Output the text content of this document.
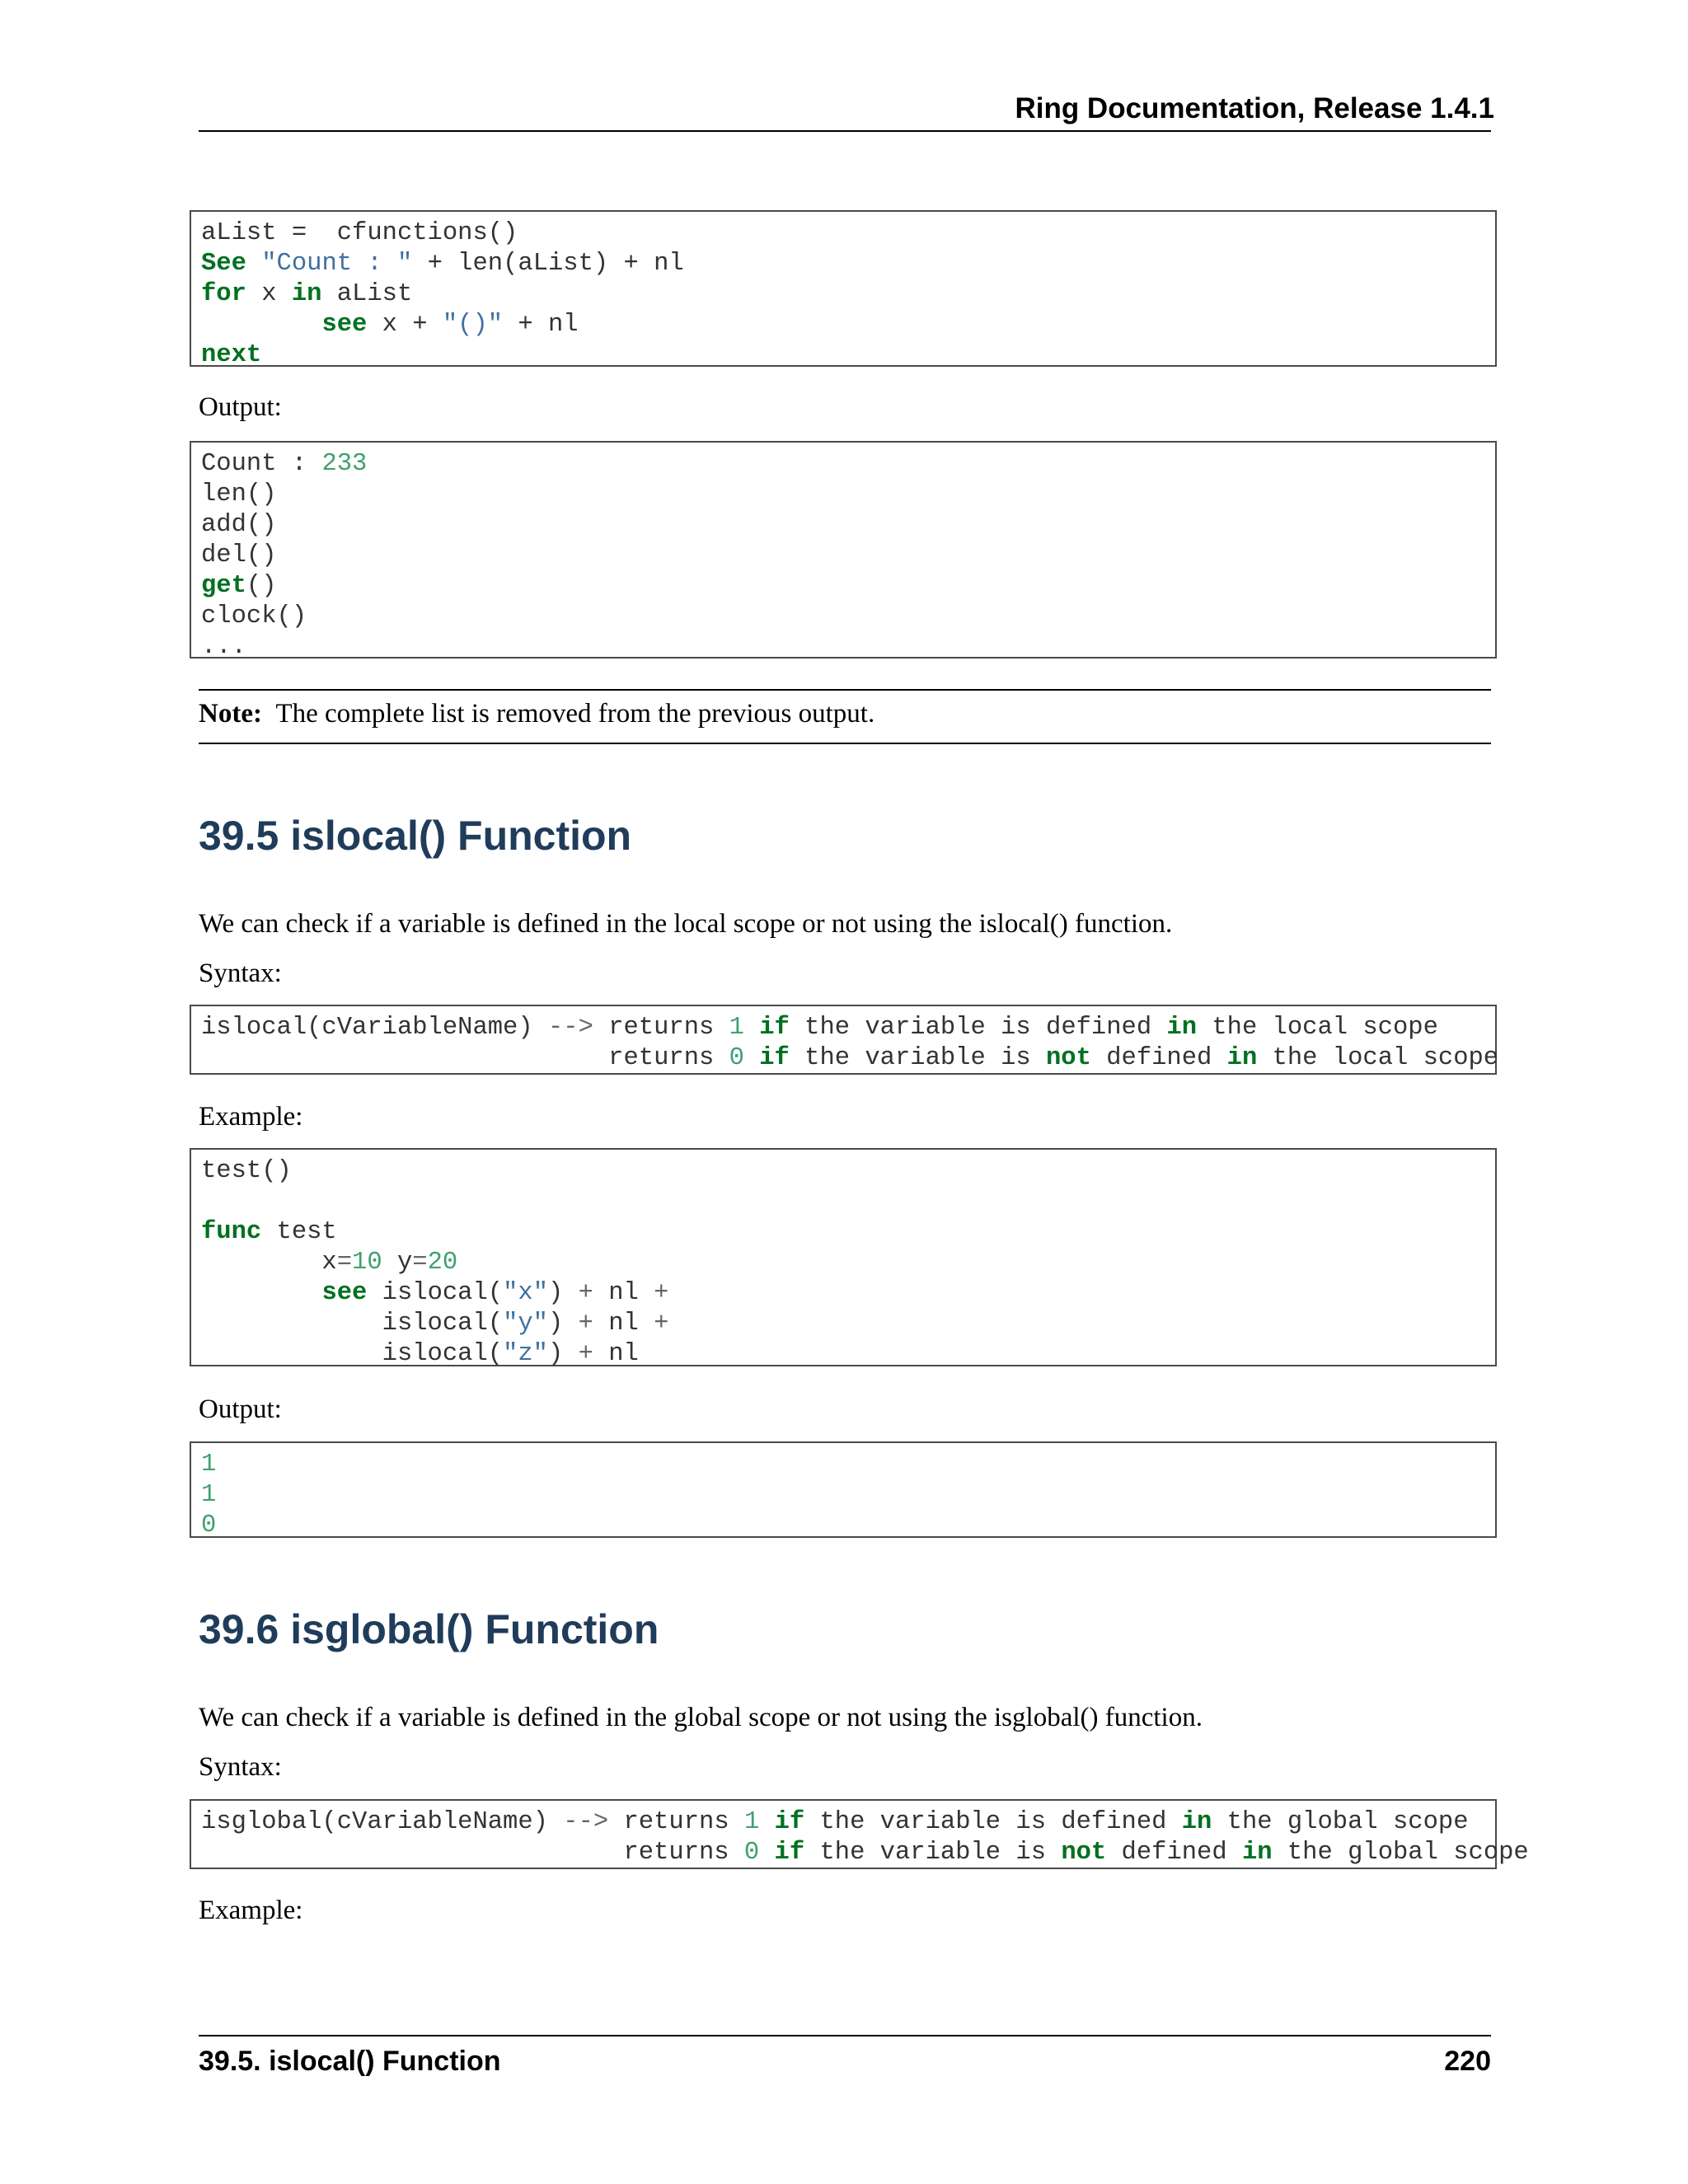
Ring Documentation, Release 1.4.1
aList =  cfunctions()
See "Count : " + len(aList) + nl
for x in aList
see x + "()" + nl
next
Output:
Count : 233
len()
add()
del()
get()
clock()
...
Note: The complete list is removed from the previous output.
39.5 islocal() Function
We can check if a variable is defined in the local scope or not using the islocal() function.
Syntax:
islocal(cVariableName) --> returns 1 if the variable is defined in the local scope
returns 0 if the variable is not defined in the local scope
Example:
test()
func test
x=10 y=20
see islocal("x") + nl +
islocal("y") + nl +
islocal("z") + nl
Output:
1
1
0
39.6 isglobal() Function
We can check if a variable is defined in the global scope or not using the isglobal() function.
Syntax:
isglobal(cVariableName) --> returns 1 if the variable is defined in the global scope
returns 0 if the variable is not defined in the global scope
Example:
39.5. islocal() Function	220
